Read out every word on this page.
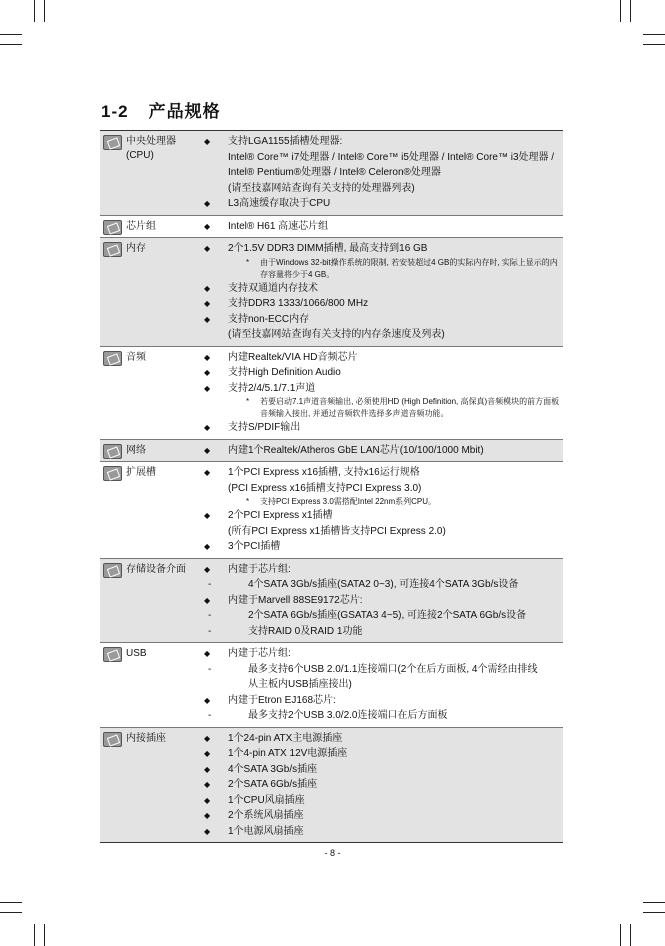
1-2 产品规格
中央处理器
(CPU)
◆ 支持LGA1155插槽处理器:
Intel® Core™ i7处理器 / Intel® Core™ i5处理器 / Intel® Core™ i3处理器 /
Intel® Pentium®处理器 / Intel® Celeron®处理器
(请至技嘉网站查询有关支持的处理器列表)
◆ L3高速缓存取决于CPU
芯片组	◆ Intel® H61 高速芯片组
内存	◆ 2个1.5V DDR3 DIMM插槽, 最高支持到16 GB
* 由于Windows 32-bit操作系统的限制, 若安装超过4 GB的实际内存时, 实际上显示的内存容量将少于4 GB。
◆ 支持双通道内存技术
◆ 支持DDR3 1333/1066/800 MHz
◆ 支持non-ECC内存
(请至技嘉网站查询有关支持的内存条速度及列表)
音频	◆ 内建Realtek/VIA HD音频芯片
◆ 支持High Definition Audio
◆ 支持2/4/5.1/7.1声道
* 若要启动7.1声道音频输出, 必须使用HD (High Definition, 高保真)音频模块的前方面板音频输入接出, 并通过音频软件选择多声道音频功能。
◆ 支持S/PDIF输出
网络	◆ 内建1个Realtek/Atheros GbE LAN芯片(10/100/1000 Mbit)
扩展槽	◆ 1个PCI Express x16插槽, 支持x16运行规格
(PCI Express x16插槽支持PCI Express 3.0)
* 支持PCI Express 3.0需搭配Intel 22nm系列CPU。
◆ 2个PCI Express x1插槽
(所有PCI Express x1插槽皆支持PCI Express 2.0)
◆ 3个PCI插槽
存储设备介面 ◆ 内建于芯片组:
-	4个SATA 3Gb/s插座(SATA2 0~3), 可连接4个SATA 3Gb/s设备
◆ 内建于Marvell 88SE9172芯片:
-	2个SATA 6Gb/s插座(GSATA3 4~5), 可连接2个SATA 6Gb/s设备
-	支持RAID 0及RAID 1功能
USB	◆ 内建于芯片组:
-	最多支持6个USB 2.0/1.1连接端口(2个在后方面板, 4个需经由排线
从主板内USB插座接出)
◆ 内建于Etron EJ168芯片:
-	最多支持2个USB 3.0/2.0连接端口在后方面板
内接插座	◆ 1个24-pin ATX主电源插座
◆ 1个4-pin ATX 12V电源插座
◆ 4个SATA 3Gb/s插座
◆ 2个SATA 6Gb/s插座
◆ 1个CPU风扇插座
◆ 2个系统风扇插座
◆ 1个电源风扇插座
- 8 -
